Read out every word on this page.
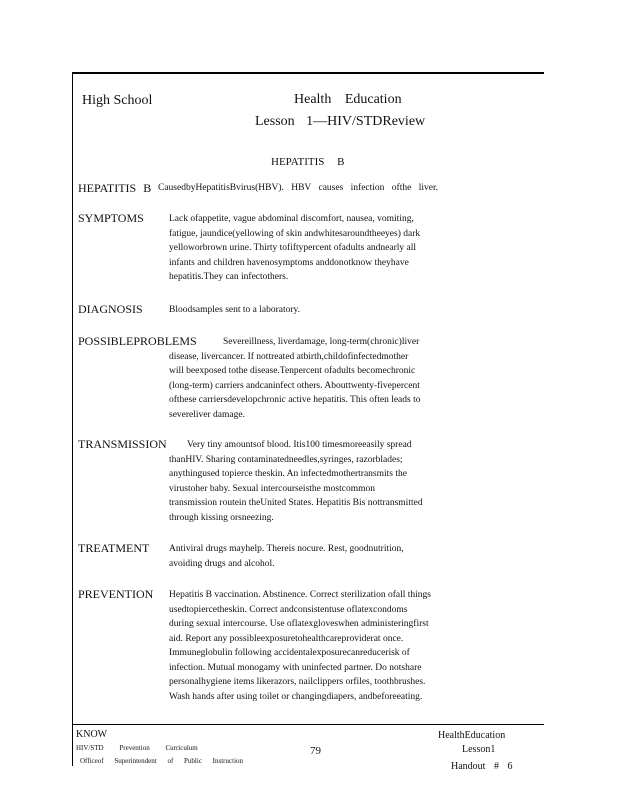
High School	Health Education
Lesson 1—HIV/STDReview
HEPATITIS B
HEPATITIS B CausedbyHepatitisBvirus(HBV). HBV causes infection ofthe liver.
SYMPTOMS	Lack ofappetite, vague abdominal discomfort, nausea, vomiting,
fatigue, jaundice(yellowing of skin andwhitesaroundtheeyes) dark
yelloworbrown urine. Thirty tofiftypercent ofadults andnearly all
infants and children havenosymptoms anddonotknow theyhave
hepatitis.They can infectothers.
DIAGNOSIS	Bloodsamples sent to a laboratory.
POSSIBLEPROBLEMS	Severeillness, liverdamage, long-term(chronic)liver
disease, livercancer. If nottreated atbirth,childofinfectedmother
will beexposed tothe disease.Tenpercent ofadults becomechronic
(long-term) carriers andcaninfect others. Abouttwenty-fivepercent
ofthese carriersdevelopchronic active hepatitis. This often leads to
severeliver damage.
TRANSMISSION	Very tiny amountsof blood. Itis100 timesmoreeasily spread
thanHIV. Sharing contaminatedneedles,syringes, razorblades;
anythingused topierce theskin. An infectedmothertransmits the
virustoher baby. Sexual intercourseisthe mostcommon
transmission routein theUnited States. Hepatitis Bis nottransmitted
through kissing orsneezing.
TREATMENT Antiviral drugs mayhelp. Thereis nocure. Rest, goodnutrition,
avoiding drugs and alcohol.
PREVENTION Hepatitis B vaccination. Abstinence. Correct sterilization ofall things
usedtopiercetheskin. Correct andconsistentuse oflatexcondoms
during sexual intercourse. Use oflatexgloveswhen administeringfirst
aid. Report any possibleexposuretohealthcareproviderat once.
Immuneglobulin following accidentalexposurecanreducerisk of
infection. Mutual monogamy with uninfected partner. Do notshare
personalhygiene items likerazors, nailclippers orfiles, toothbrushes.
Wash hands after using toilet or changingdiapers, andbeforeeating.
KNOW
HIV/STD Prevention Curriculum
Officeof Superintendent of Public Instruction
79
HealthEducation
Lesson1
Handout # 6
